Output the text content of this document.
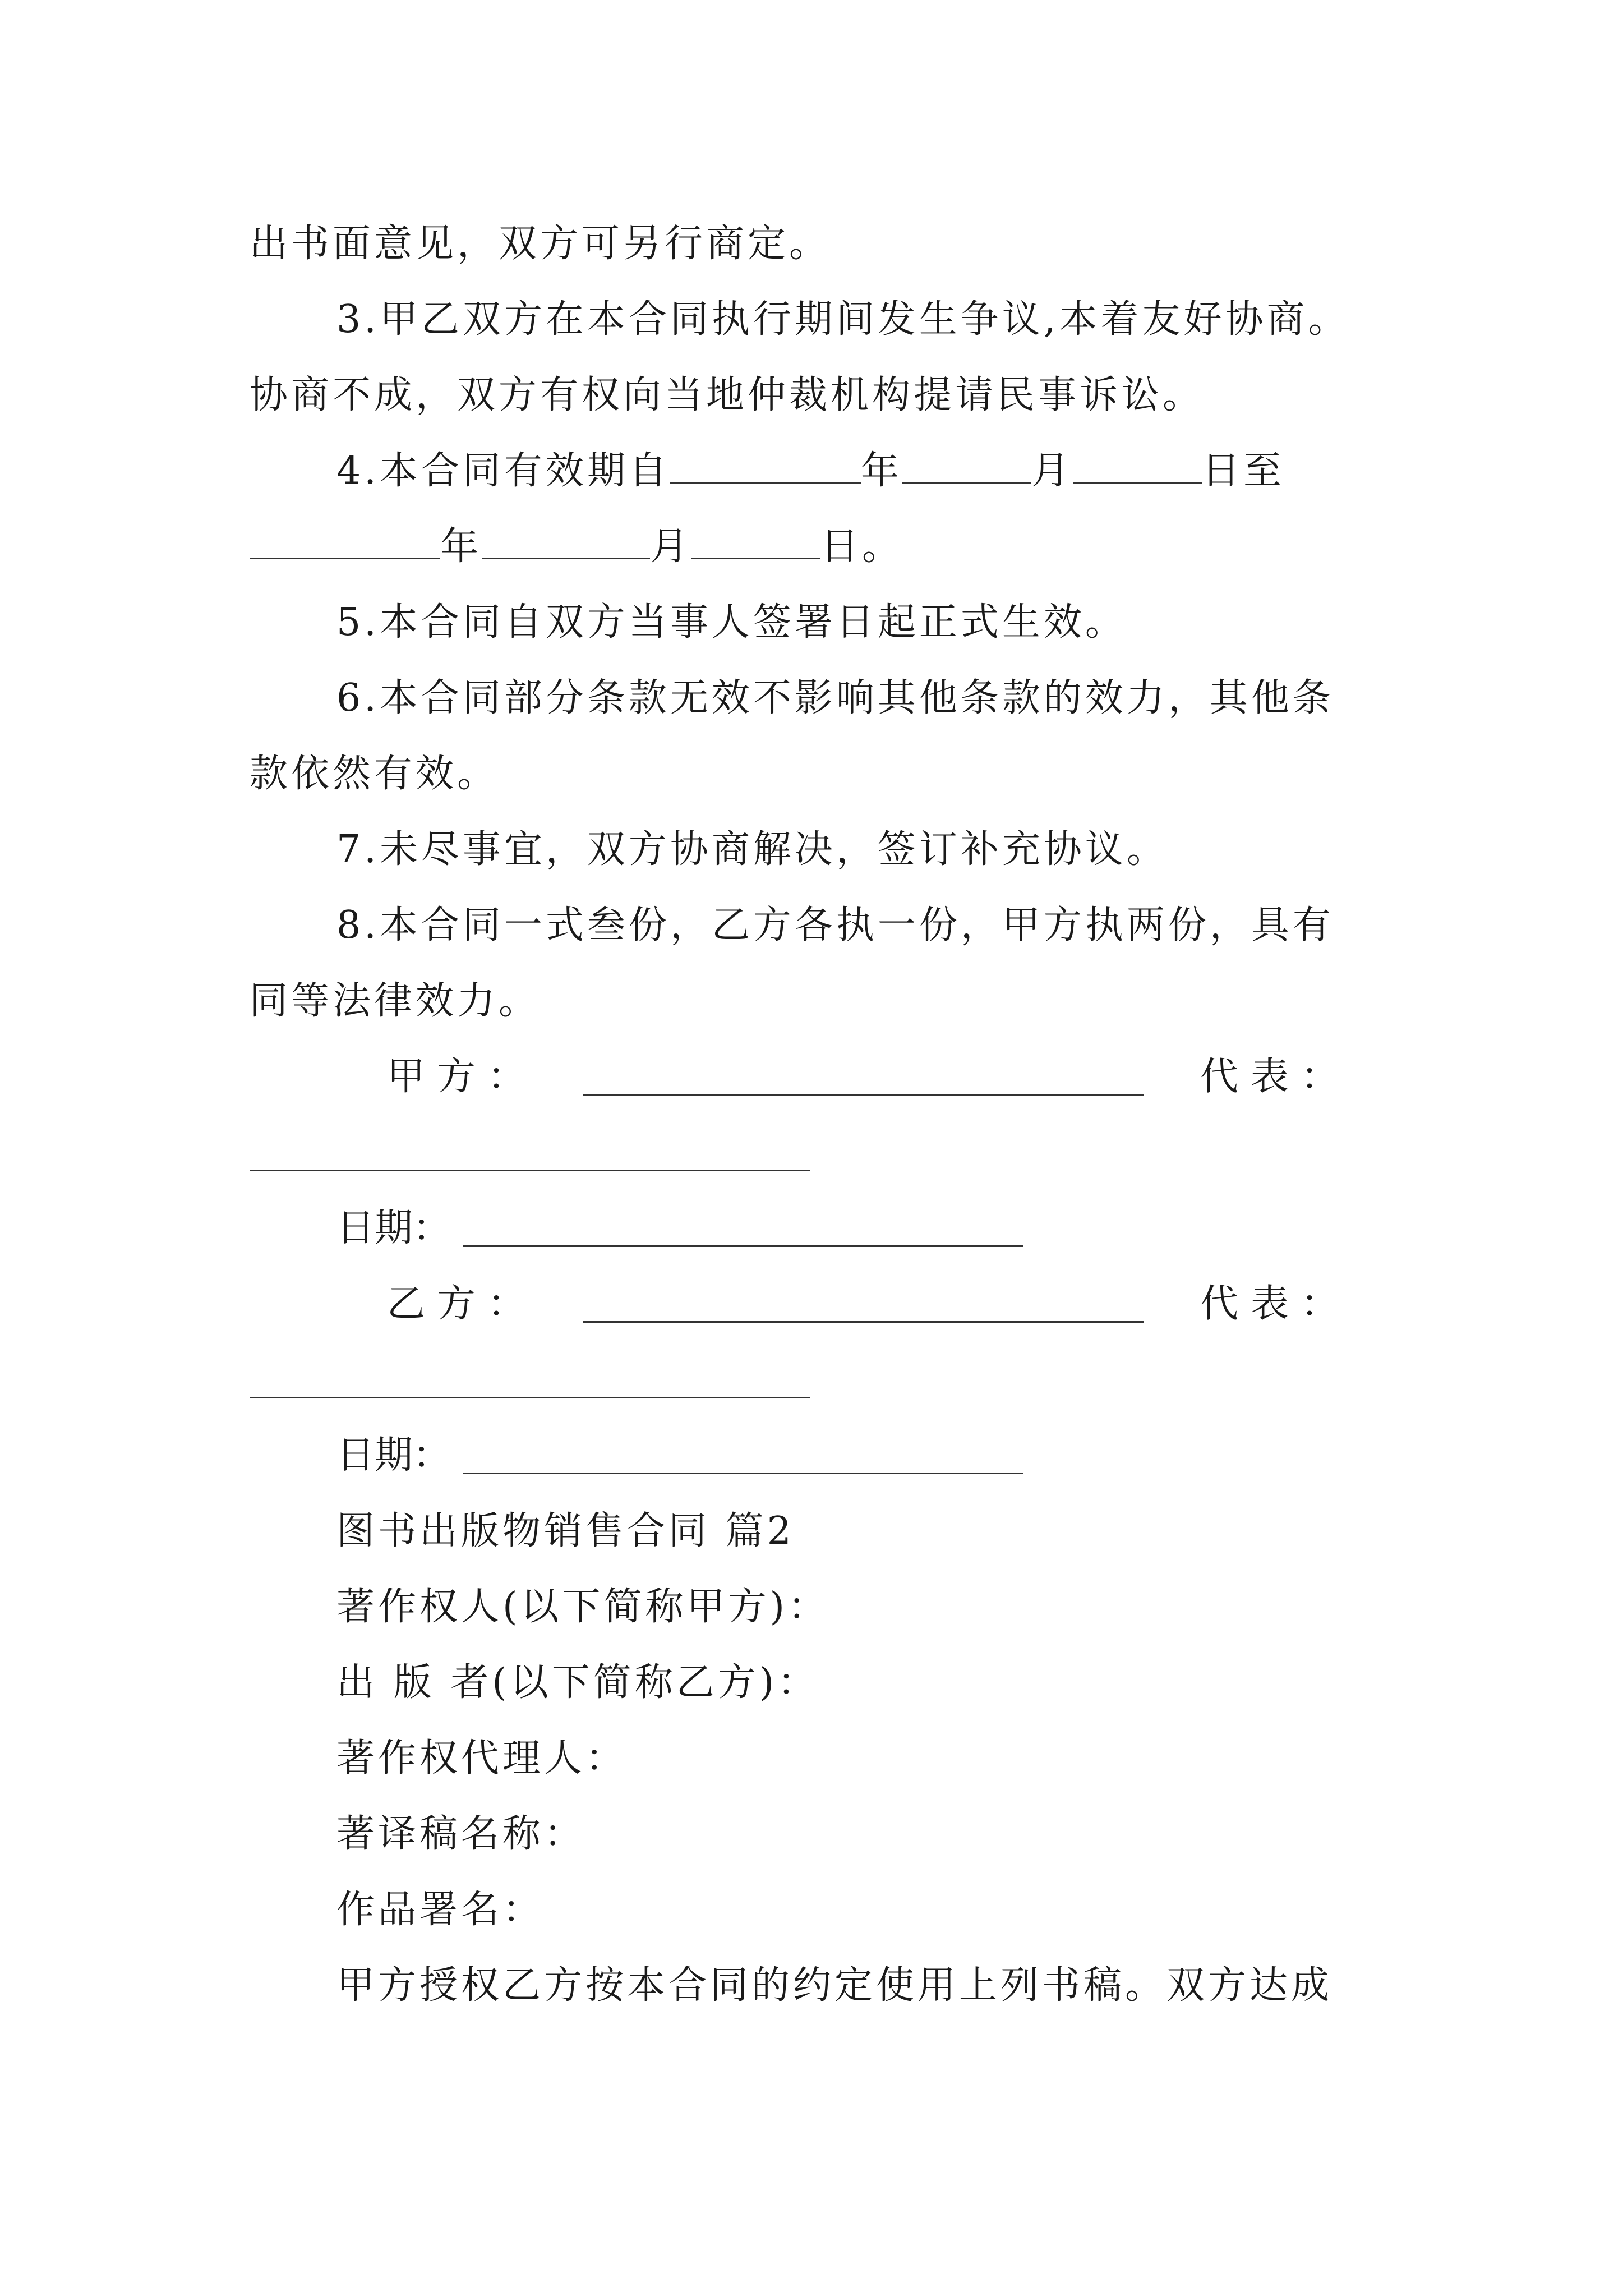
出书面意见，双方可另行商定。
3.甲乙双方在本合同执行期间发生争议,本着友好协商。
协商不成，双方有权向当地仲裁机构提请民事诉讼。
4.本合同有效期自	年	月	日至
年	月	日。
5.本合同自双方当事人签署日起正式生效。
6.本合同部分条款无效不影响其他条款的效力，其他条
款依然有效。
7.未尽事宜，双方协商解决，签订补充协议。
8.本合同一式叁份，乙方各执一份，甲方执两份，具有
同等法律效力。
甲 方 ：	代 表 ：
日期：
乙 方 ：	代 表 ：
日期：
图书出版物销售合同 篇2
著作权人(以下简称甲方)：
出 版 者(以下简称乙方)：
著作权代理人：
著译稿名称：
作品署名：
甲方授权乙方按本合同的约定使用上列书稿。双方达成
